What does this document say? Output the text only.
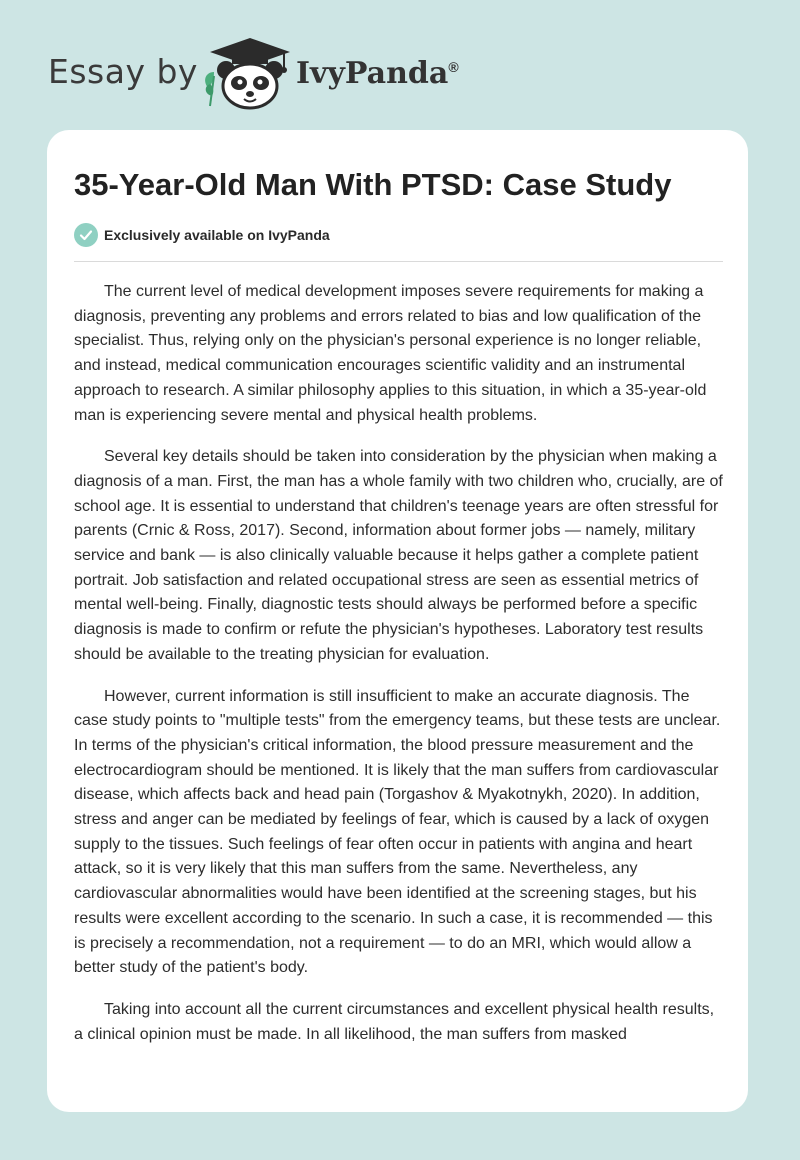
Essay by	IvyPanda®
35-Year-Old Man With PTSD: Case Study
Exclusively available on IvyPanda

The current level of medical development imposes severe requirements for making a diagnosis, preventing any problems and errors related to bias and low qualification of the specialist. Thus, relying only on the physician's personal experience is no longer reliable, and instead, medical communication encourages scientific validity and an instrumental approach to research. A similar philosophy applies to this situation, in which a 35-year-old man is experiencing severe mental and physical health problems.

Several key details should be taken into consideration by the physician when making a diagnosis of a man. First, the man has a whole family with two children who, crucially, are of school age. It is essential to understand that children's teenage years are often stressful for parents (Crnic & Ross, 2017). Second, information about former jobs — namely, military service and bank — is also clinically valuable because it helps gather a complete patient portrait. Job satisfaction and related occupational stress are seen as essential metrics of mental well-being. Finally, diagnostic tests should always be performed before a specific diagnosis is made to confirm or refute the physician's hypotheses. Laboratory test results should be available to the treating physician for evaluation.

However, current information is still insufficient to make an accurate diagnosis. The case study points to "multiple tests" from the emergency teams, but these tests are unclear. In terms of the physician's critical information, the blood pressure measurement and the electrocardiogram should be mentioned. It is likely that the man suffers from cardiovascular disease, which affects back and head pain (Torgashov & Myakotnykh, 2020). In addition, stress and anger can be mediated by feelings of fear, which is caused by a lack of oxygen supply to the tissues. Such feelings of fear often occur in patients with angina and heart attack, so it is very likely that this man suffers from the same. Nevertheless, any cardiovascular abnormalities would have been identified at the screening stages, but his results were excellent according to the scenario. In such a case, it is recommended — this is precisely a recommendation, not a requirement — to do an MRI, which would allow a better study of the patient's body.

Taking into account all the current circumstances and excellent physical health results, a clinical opinion must be made. In all likelihood, the man suffers from masked
